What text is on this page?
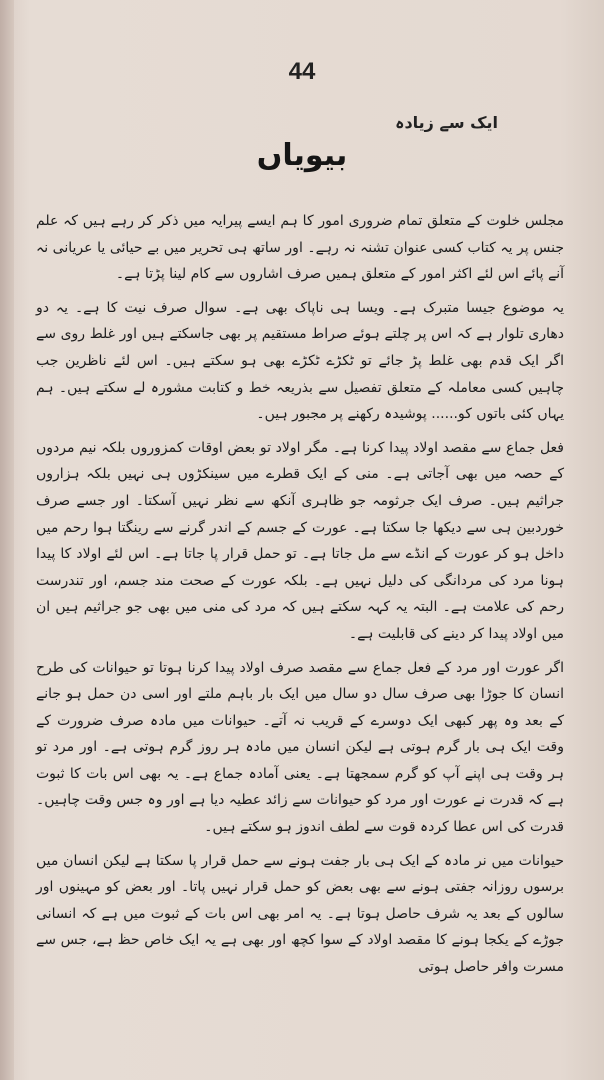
44
ایک سے زیادہ
بیویاں

مجلس خلوت کے متعلق تمام ضروری امور کا ہم ایسے پیرایہ میں ذکر کر رہے ہیں کہ علم جنس پر یہ کتاب کسی عنوان تشنہ نہ رہے۔ اور ساتھ ہی تحریر میں بے حیائی یا عریانی نہ آنے پائے اس لئے اکثر امور کے متعلق ہمیں صرف اشاروں سے کام لینا پڑتا ہے۔

یہ موضوع جیسا متبرک ہے۔ ویسا ہی ناپاک بھی ہے۔ سوال صرف نیت کا ہے۔ یہ دو دھاری تلوار ہے کہ اس پر چلتے ہوئے صراط مستقیم پر بھی جاسکتے ہیں اور غلط روی سے اگر ایک قدم بھی غلط پڑ جائے تو ٹکڑے ٹکڑے بھی ہو سکتے ہیں۔ اس لئے ناظرین جب چاہیں کسی معاملہ کے متعلق تفصیل سے بذریعہ خط و کتابت مشورہ لے سکتے ہیں۔ ہم یہاں کئی باتوں کو...... پوشیدہ رکھنے پر مجبور ہیں۔

فعل جماع سے مقصد اولاد پیدا کرنا ہے۔ مگر اولاد تو بعض اوقات کمزوروں بلکہ نیم مردوں کے حصہ میں بھی آجاتی ہے۔ منی کے ایک قطرے میں سینکڑوں ہی نہیں بلکہ ہزاروں جراثیم ہیں۔ صرف ایک جرثومہ جو ظاہری آنکھ سے نظر نہیں آسکتا۔ اور جسے صرف خوردبین ہی سے دیکھا جا سکتا ہے۔ عورت کے جسم کے اندر گرنے سے رینگتا ہوا رحم میں داخل ہو کر عورت کے انڈے سے مل جاتا ہے۔ تو حمل قرار پا جاتا ہے۔ اس لئے اولاد کا پیدا ہونا مرد کی مردانگی کی دلیل نہیں ہے۔ بلکہ عورت کے صحت مند جسم، اور تندرست رحم کی علامت ہے۔ البتہ یہ کہہ سکتے ہیں کہ مرد کی منی میں بھی جو جراثیم ہیں ان میں اولاد پیدا کر دینے کی قابلیت ہے۔

اگر عورت اور مرد کے فعل جماع سے مقصد صرف اولاد پیدا کرنا ہوتا تو حیوانات کی طرح انسان کا جوڑا بھی صرف سال دو سال میں ایک بار باہم ملتے اور اسی دن حمل ہو جانے کے بعد وہ پھر کبھی ایک دوسرے کے قریب نہ آتے۔ حیوانات میں مادہ صرف ضرورت کے وقت ایک ہی بار گرم ہوتی ہے لیکن انسان میں مادہ ہر روز گرم ہوتی ہے۔ اور مرد تو ہر وقت ہی اپنے آپ کو گرم سمجھتا ہے۔ یعنی آمادہ جماع ہے۔ یہ بھی اس بات کا ثبوت ہے کہ قدرت نے عورت اور مرد کو حیوانات سے زائد عطیہ دیا ہے اور وہ جس وقت چاہیں۔ قدرت کی اس عطا کردہ قوت سے لطف اندوز ہو سکتے ہیں۔

حیوانات میں نر مادہ کے ایک ہی بار جفت ہونے سے حمل قرار پا سکتا ہے لیکن انسان میں برسوں روزانہ جفتی ہونے سے بھی بعض کو حمل قرار نہیں پاتا۔ اور بعض کو مہینوں اور سالوں کے بعد یہ شرف حاصل ہوتا ہے۔ یہ امر بھی اس بات کے ثبوت میں ہے کہ انسانی جوڑے کے یکجا ہونے کا مقصد اولاد کے سوا کچھ اور بھی ہے یہ ایک خاص حظ ہے، جس سے مسرت وافر حاصل ہوتی
